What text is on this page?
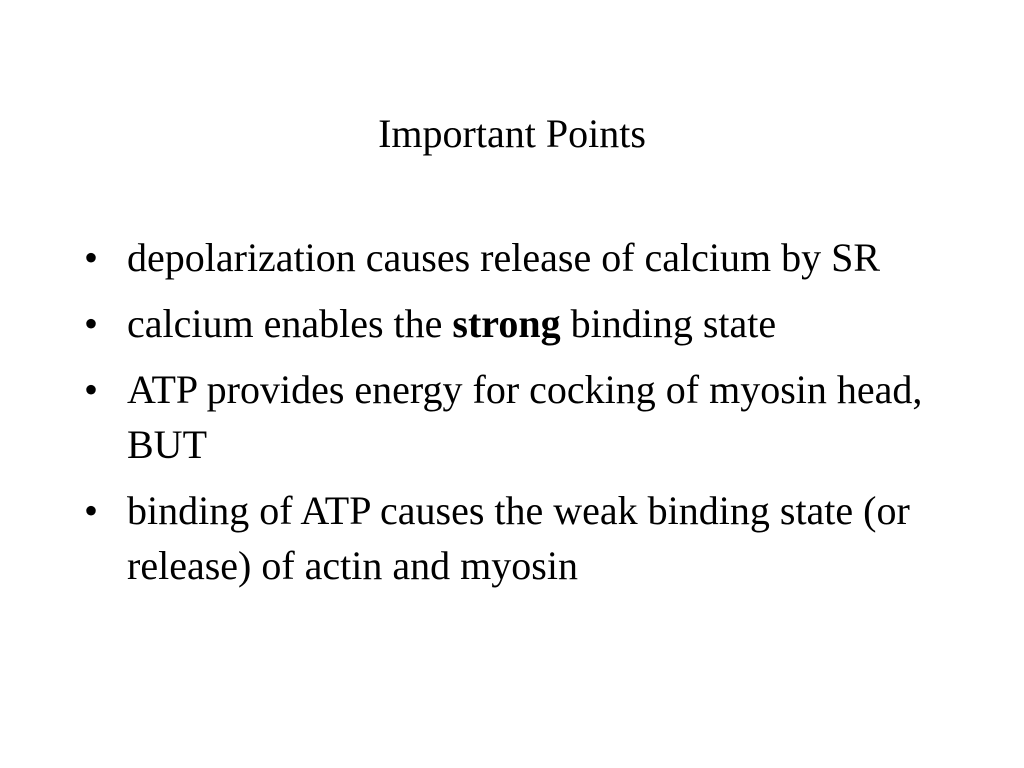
Important Points
• depolarization causes release of calcium by SR
• calcium enables the strong binding state
• ATP provides energy for cocking of myosin head, BUT
• binding of ATP causes the weak binding state (or release) of actin and myosin
